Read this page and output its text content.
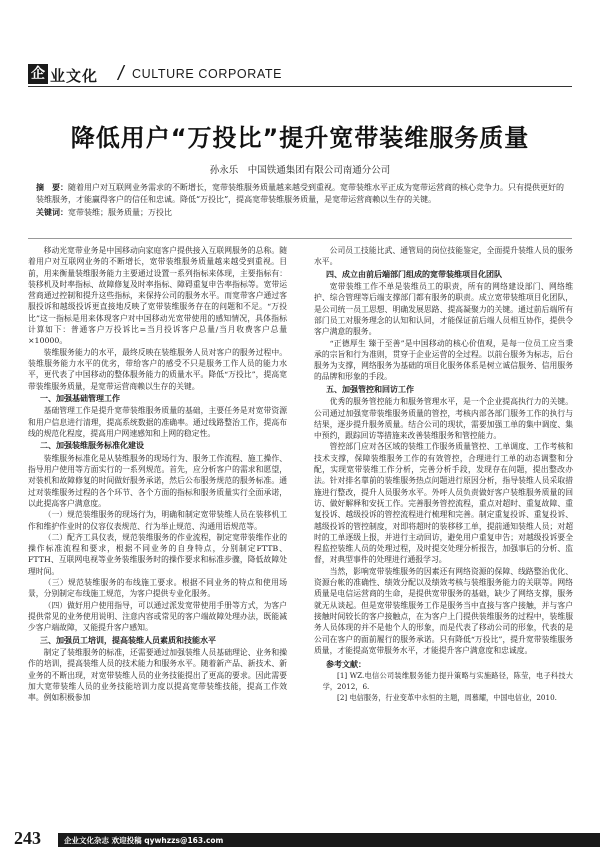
企 业文化 / CULTURE CORPORATE
降低用户“万投比”提升宽带装维服务质量
孙永乐　中国铁通集团有限公司南通分公司
摘　要：随着用户对互联网业务需求的不断增长，宽带装维服务质量越来越受到重视。宽带装维水平正成为宽带运营商的核心竞争力。只有提供更好的装维服务，才能赢得客户的信任和忠诚。降低“万投比”，提高宽带装维服务质量，是宽带运营商赖以生存的关键。
关键词：宽带装维；服务质量；万投比

移动光宽带业务是中国移动向家庭客户提供接入互联网服务的总称。随着用户对互联网业务的不断增长，宽带装维服务质量越来越受到重视。目前，用来衡量装维服务能力主要通过设置一系列指标来体现，主要指标有：装移机及时率指标、故障修复及时率指标、障碍重复申告率指标等。宽带运营商通过控制和提升这些指标，来保持公司的服务水平。而宽带客户通过客服投诉和越级投诉更直接地反映了宽带装维服务存在的问题和不足。“万投比”这一指标是用来体现客户对中国移动光宽带使用的感知情况，具体指标计算如下：普通客户万投诉比=当月投诉客户总量/当月收费客户总量×10000。

装维服务能力的水平，最终反映在装维服务人员对客户的服务过程中。装维服务能力水平的优劣，带给客户的感受不只是服务工作人员的能力水平，更代表了中国移动的整体服务能力的质量水平。降低“万投比”，提高宽带装维服务质量，是宽带运营商赖以生存的关键。

一、加强基础管理工作

基础管理工作是提升宽带装维服务质量的基础，主要任务是对宽带资源和用户信息进行清理，提高系统数据的准确率。通过线路整治工作，提高布线的规范化程度，提高用户网速感知和上网的稳定性。

二、加强装维服务标准化建设

装维服务标准化是从装维服务的现场行为、服务工作流程、施工操作、指导用户使用等方面实行的一系列规范。首先，应分析客户的需求和愿望，对装机和故障修复的时间做好服务承诺，然后公布服务规范的服务标准。通过对装维服务过程的各个环节、各个方面的指标和服务质量实行全面承诺，以此提高客户满意度。

（一）规范装维服务的现场行为，明确和制定宽带装维人员在装移机工作和维护作业时的仪容仪表规范、行为举止规范、沟通用语规范等。

（二）配齐工具仪表，规范装维服务的作业流程，制定宽带装维作业的操作标准流程和要求，根据不同业务的自身特点，分别制定FTTB、FTTH、互联网电视等业务装维服务时的操作要求和标准步骤，降低故障处理时间。

（三）规范装维服务的布线施工要求。根据不同业务的特点和使用场景，分别制定布线施工规范，为客户提供专业化服务。

（四）做好用户使用指导，可以通过派发宽带使用手册等方式，为客户提供常见的业务使用说明、注意内容或常见的客户端故障处理办法，既能减少客户端故障，又能提升客户感知。

三、加强员工培训，提高装维人员素质和技能水平

制定了装维服务的标准，还需要通过加强装维人员基础理论、业务和操作的培训，提高装维人员的技术能力和服务水平。随着新产品、新技术、新业务的不断出现，对宽带装维人员的业务技能提出了更高的要求。因此需要加大宽带装维人员的业务技能培训力度以提高宽带装维技能，提高工作效率。例如积极参加

公司员工技能比武、通管局的岗位技能鉴定，全面提升装维人员的服务水平。

四、成立由前后端部门组成的宽带装维项目化团队

宽带装维工作不单是装维员工的职责，所有的网络建设部门、网络维护、综合管理等后端支撑部门都有服务的职责。成立宽带装维项目化团队，是公司统一员工思想、明确发展思路、提高凝聚力的关键。通过前后端所有部门员工对服务理念的认知和认同，才能保证前后端人员相互协作，提供令客户满意的服务。

“正德厚生 臻于至善”是中国移动的核心价值观，是每一位员工应当秉承的宗旨和行为准则，贯穿于企业运营的全过程。以前台服务为标志，后台服务为支撑，网络服务为基础的项目化服务体系是树立诚信服务、信用服务的品牌和形象的手段。

五、加强管控和回访工作

优秀的服务管控能力和服务管理水平，是一个企业提高执行力的关键。公司通过加强宽带装维服务质量的管控，考核内部各部门服务工作的执行与结果，逐步提升服务质量。结合公司的现状，需要加强工单的集中调度、集中预约，跟踪回访等措施来改善装维服务和管控能力。

管控部门应对各区域的装维工作服务质量管控、工单调度、工作考核和技术支撑，保障装维服务工作的有效管控，合理进行工单的动态调整和分配，实现宽带装维工作分析，完善分析手段，发现存在问题，提出整改办法。针对排名靠前的装维服务热点问题进行原因分析，指导装维人员采取措施进行整改，提升人员服务水平。外呼人员负责做好客户装维服务质量的回访、做好解释和安抚工作。完善服务管控流程，重点对超时、重复故障、重复投诉、越级投诉的管控流程进行梳理和完善。制定重复投诉、重复投诉、越级投诉的管控制度，对即将超时的装移移工单，提前通知装维人员；对超时的工单逐级上报，并进行主动回访，避免用户重复申告；对越级投诉要全程监控装维人员的处理过程，及时提交处理分析报告，加强事后的分析、监督，对典型事件的处理进行通报学习。

当然，影响宽带装维服务的因素还有网络资源的保障、线路整治优化、资源台帐的准确性、绩效分配以及绩效考核与装维服务能力的关联等。网络质量是电信运营商的生命，是提供宽带服务的基础，缺少了网络支撑，服务就无从谈起。但是宽带装维服务工作是服务当中直接与客户接触，并与客户接触时间较长的客户接触点，在为客户上门提供装维服务的过程中，装维服务人员体现的并不是他个人的形象，而是代表了移动公司的形象，代表的是公司在客户的面前履行的服务承诺。只有降低“万投比”，提升宽带装维服务质量，才能提高宽带服务水平，才能提升客户满意度和忠诚度。

参考文献：

[1] WZ.电信公司装维服务能力提升策略与实施路径，陈莹，电子科技大学，2012，6.

[2] 电信服务，行业变革中永恒的主题，周慕耀，中国电信业，2010.

243	企业文化杂志 欢迎投稿 qywhzzs@163.com
